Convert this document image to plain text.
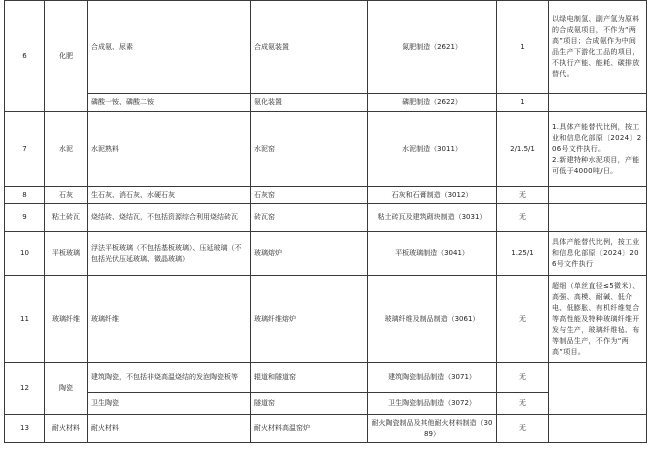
6	化肥	合成氨、尿素	合成氨装置	氮肥制造（2621）	1	以绿电制氢、副产氢为原料的合成氨项目，不作为“两高”项目；合成氨作为中间品生产下游化工品的项目，不执行产能、能耗、碳排放替代。
		磷酸一铵、磷酸二铵	氨化装置	磷肥制造（2622）	1	
7	水泥	水泥熟料	水泥窑	水泥制造（3011）	2/1.5/1	1.具体产能替代比例，按工业和信息化部原〔2024〕206号文件执行。
2.新建特种水泥项目，产能可低于4000吨/日。
8	石灰	生石灰、消石灰、水硬石灰	石灰窑	石灰和石膏制造（3012）	无	
9	粘土砖瓦	烧结砖、烧结瓦，不包括资源综合利用烧结砖瓦	砖瓦窑	粘土砖瓦及建筑砌块制造（3031）	无	
10	平板玻璃	浮法平板玻璃（不包括基板玻璃）、压延玻璃（不包括光伏压延玻璃、微晶玻璃）	玻璃熔炉	平板玻璃制造（3041）	1.25/1	具体产能替代比例，按工业和信息化部原〔2024〕206号文件执行
11	玻璃纤维	玻璃纤维	玻璃纤维熔炉	玻璃纤维及制品制造（3061）	无	超细（单丝直径≤5微米）、高强、高模、耐碱、低介电、低膨胀、有机纤维复合等高性能及特种玻璃纤维开发与生产，玻璃纤维毡、布等制品生产，不作为“两高”项目。
12	陶瓷	建筑陶瓷，不包括非烧高温烧结的发泡陶瓷板等	辊道和隧道窑	建筑陶瓷制品制造（3071）	无	
		卫生陶瓷	隧道窑	卫生陶瓷制品制造（3072）	无	
13	耐火材料	耐火材料	耐火材料高温窑炉	耐火陶瓷制品及其他耐火材料制造（3089）	无	
